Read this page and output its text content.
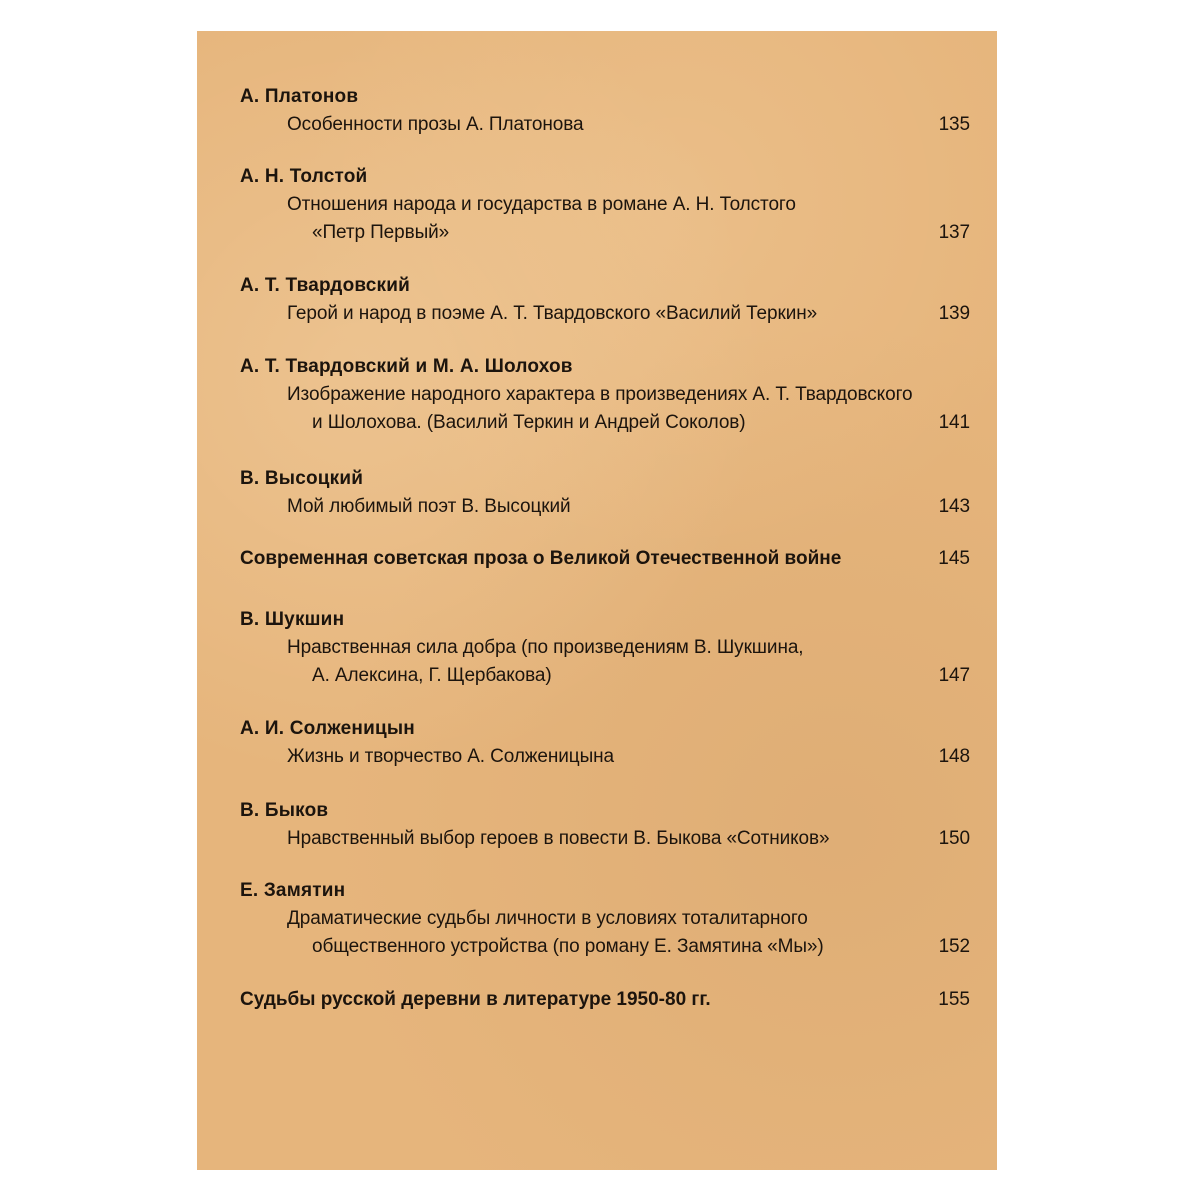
А. Платонов
Особенности прозы А. Платонова	135
А. Н. Толстой
Отношения народа и государства в романе А. Н. Толстого
«Петр Первый»	137
А. Т. Твардовский
Герой и народ в поэме А. Т. Твардовского «Василий Теркин»	139
А. Т. Твардовский и М. А. Шолохов
Изображение народного характера в произведениях А. Т. Твардовского
и Шолохова. (Василий Теркин и Андрей Соколов)	141
В. Высоцкий
Мой любимый поэт В. Высоцкий	143
Современная советская проза о Великой Отечественной войне	145
В. Шукшин
Нравственная сила добра (по произведениям В. Шукшина,
А. Алексина, Г. Щербакова)	147
А. И. Солженицын
Жизнь и творчество А. Солженицына	148
В. Быков
Нравственный выбор героев в повести В. Быкова «Сотников»	150
Е. Замятин
Драматические судьбы личности в условиях тоталитарного
общественного устройства (по роману Е. Замятина «Мы»)	152
Судьбы русской деревни в литературе 1950-80 гг.	155
